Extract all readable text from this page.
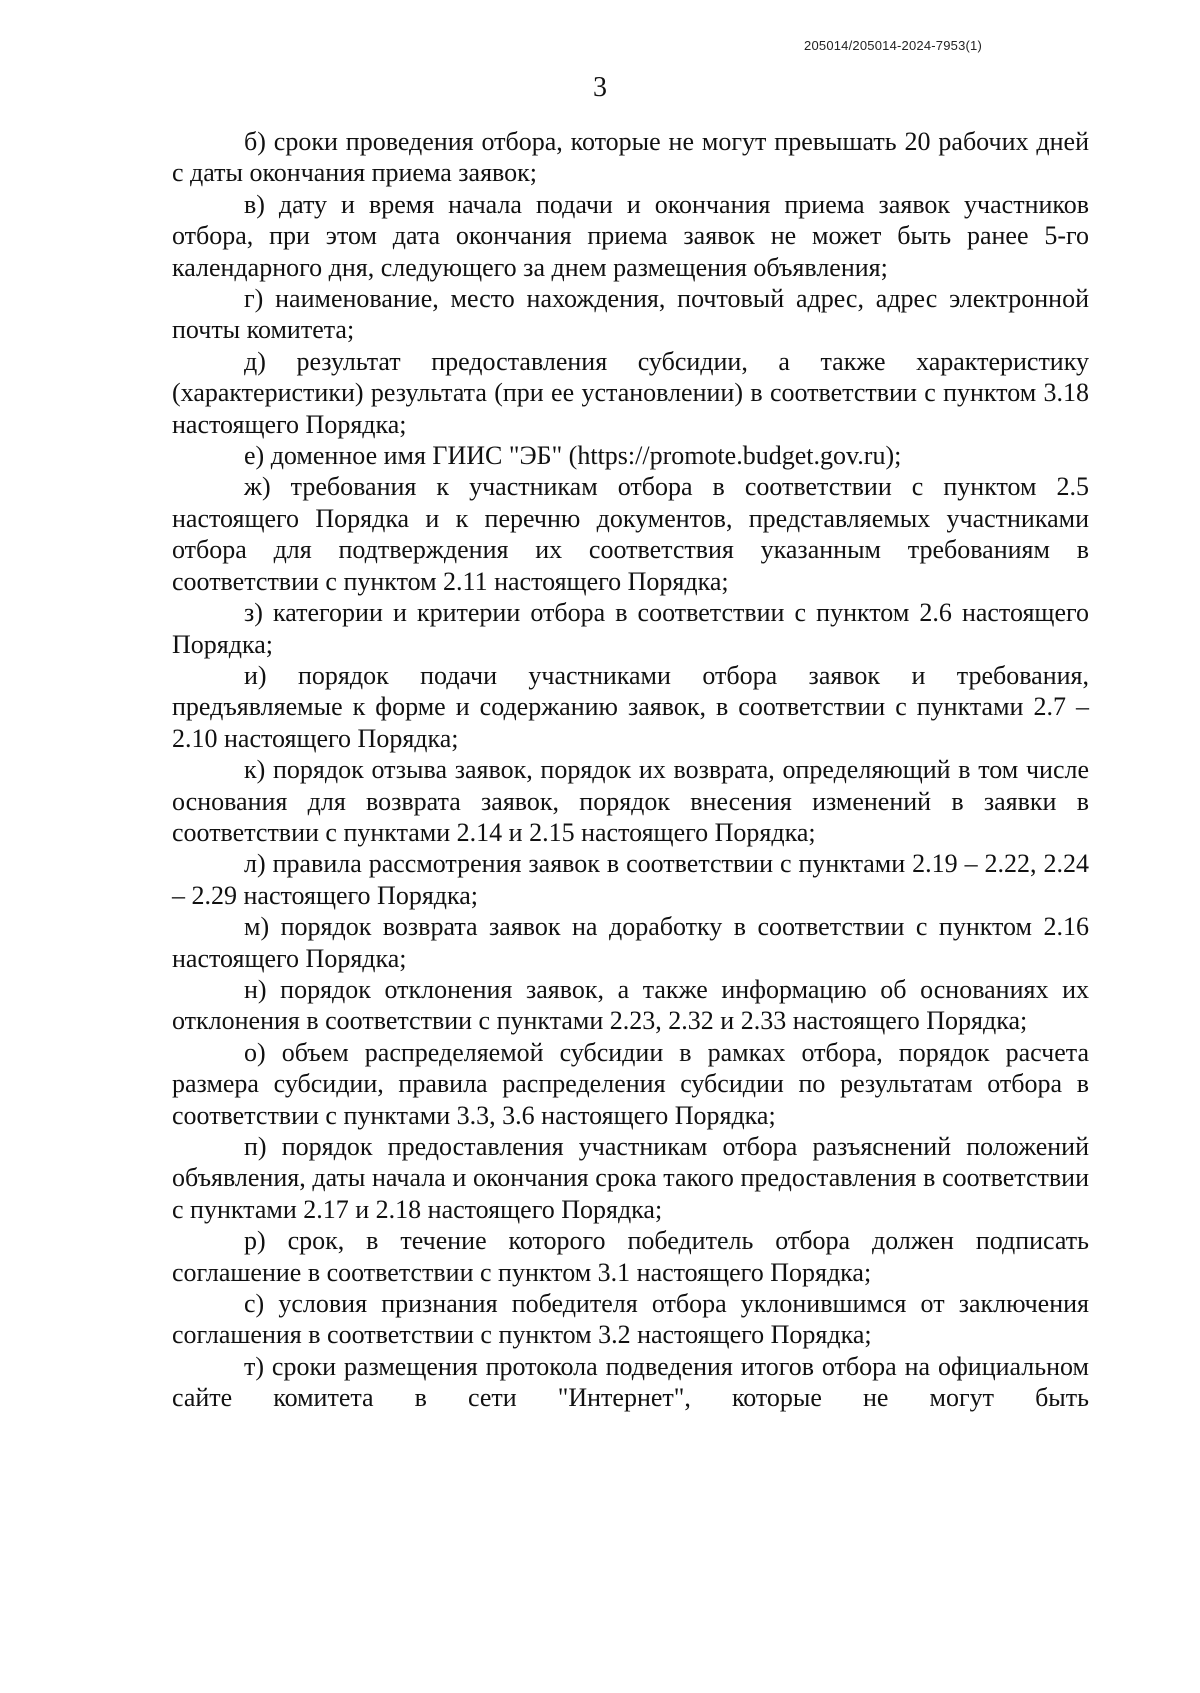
205014/205014-2024-7953(1)
3

б) сроки проведения отбора, которые не могут превышать 20 рабочих дней с даты окончания приема заявок;

в) дату и время начала подачи и окончания приема заявок участников отбора, при этом дата окончания приема заявок не может быть ранее 5-го календарного дня, следующего за днем размещения объявления;

г) наименование, место нахождения, почтовый адрес, адрес электронной почты комитета;

д) результат предоставления субсидии, а также характеристику (характеристики) результата (при ее установлении) в соответствии с пунктом 3.18 настоящего Порядка;

е) доменное имя ГИИС "ЭБ" (https://promote.budget.gov.ru);

ж) требования к участникам отбора в соответствии с пунктом 2.5 настоящего Порядка и к перечню документов, представляемых участниками отбора для подтверждения их соответствия указанным требованиям в соответствии с пунктом 2.11 настоящего Порядка;

з) категории и критерии отбора в соответствии с пунктом 2.6 настоящего Порядка;

и) порядок подачи участниками отбора заявок и требования, предъявляемые к форме и содержанию заявок, в соответствии с пунктами 2.7 – 2.10 настоящего Порядка;

к) порядок отзыва заявок, порядок их возврата, определяющий в том числе основания для возврата заявок, порядок внесения изменений в заявки в соответствии с пунктами 2.14 и 2.15 настоящего Порядка;

л) правила рассмотрения заявок в соответствии с пунктами 2.19 – 2.22, 2.24 – 2.29 настоящего Порядка;

м) порядок возврата заявок на доработку в соответствии с пунктом 2.16 настоящего Порядка;

н) порядок отклонения заявок, а также информацию об основаниях их отклонения в соответствии с пунктами 2.23, 2.32 и 2.33 настоящего Порядка;

о) объем распределяемой субсидии в рамках отбора, порядок расчета размера субсидии, правила распределения субсидии по результатам отбора в соответствии с пунктами 3.3, 3.6 настоящего Порядка;

п) порядок предоставления участникам отбора разъяснений положений объявления, даты начала и окончания срока такого предоставления в соответствии с пунктами 2.17 и 2.18 настоящего Порядка;

р) срок, в течение которого победитель отбора должен подписать соглашение в соответствии с пунктом 3.1 настоящего Порядка;

с) условия признания победителя отбора уклонившимся от заключения соглашения в соответствии с пунктом 3.2 настоящего Порядка;

т) сроки размещения протокола подведения итогов отбора на официальном сайте комитета в сети "Интернет", которые не могут быть
